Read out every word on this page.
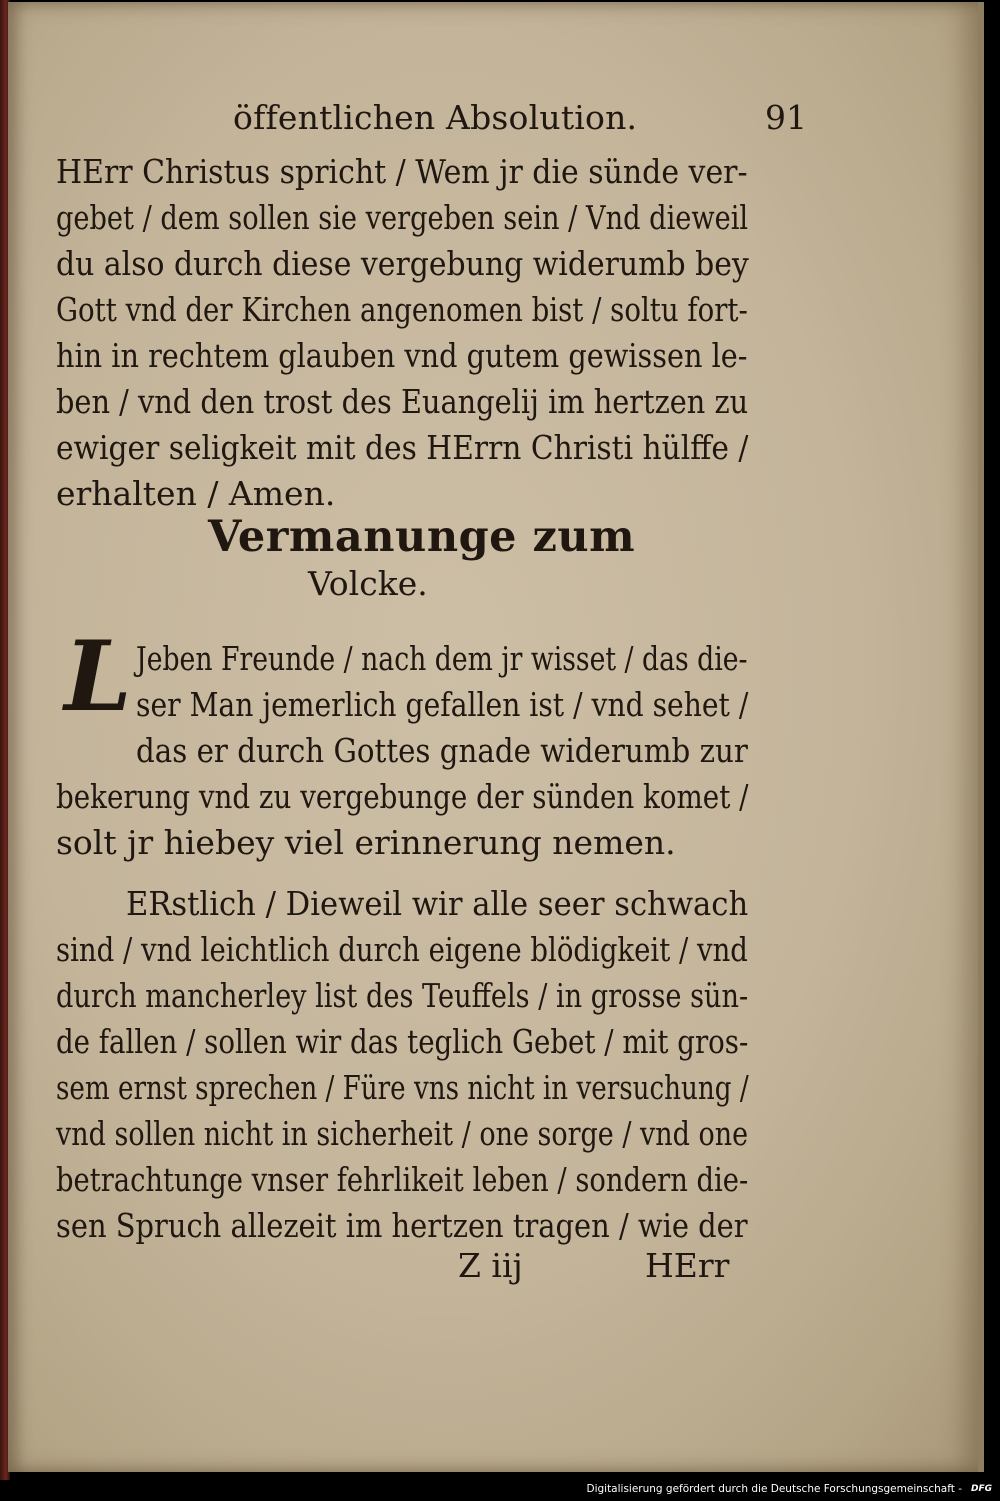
öffentlichen Absolution.	91
HErr Christus spricht / Wem jr die sünde ver-
gebet / dem sollen sie vergeben sein / Vnd dieweil
du also durch diese vergebung widerumb bey
Gott vnd der Kirchen angenomen bist / soltu fort-
hin in rechtem glauben vnd gutem gewissen le-
ben / vnd den trost des Euangelij im hertzen zu
ewiger seligkeit mit des HErrn Christi hülffe /
erhalten / Amen.
Vermanunge zum
Volcke.
L Jeben Freunde / nach dem jr wisset / das die-
ser Man jemerlich gefallen ist / vnd sehet /
das er durch Gottes gnade widerumb zur
bekerung vnd zu vergebunge der sünden komet /
solt jr hiebey viel erinnerung nemen.
ERstlich / Dieweil wir alle seer schwach
sind / vnd leichtlich durch eigene blödigkeit / vnd
durch mancherley list des Teuffels / in grosse sün-
de fallen / sollen wir das teglich Gebet / mit gros-
sem ernst sprechen / Füre vns nicht in versuchung /
vnd sollen nicht in sicherheit / one sorge / vnd one
betrachtunge vnser fehrlikeit leben / sondern die-
sen Spruch allezeit im hertzen tragen / wie der
Z iij	HErr
Digitalisierung gefördert durch die Deutsche Forschungsgemeinschaft - DFG
